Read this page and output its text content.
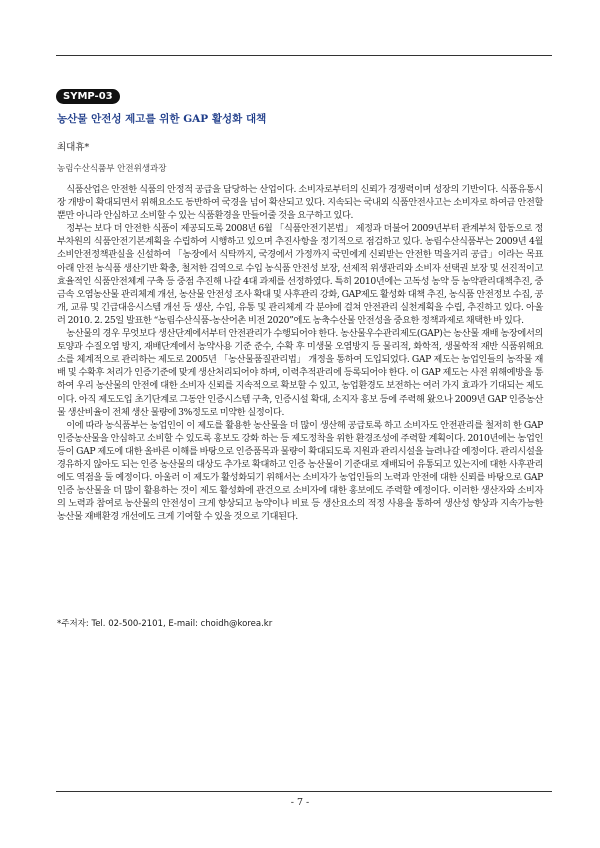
SYMP-03
농산물 안전성 제고를 위한 GAP 활성화 대책
최대휴*
농림수산식품부 안전위생과장

식품산업은 안전한 식품의 안정적 공급을 담당하는 산업이다. 소비자로부터의 신뢰가 경쟁력이며 성장의 기반이다. 식품유통시장 개방이 확대되면서 위해요소도 동반하여 국경을 넘어 확산되고 있다. 지속되는 국내외 식품안전사고는 소비자로 하여금 안전할 뿐만 아니라 안심하고 소비할 수 있는 식품환경을 만들어줄 것을 요구하고 있다.

정부는 보다 더 안전한 식품이 제공되도록 2008년 6월 「식품안전기본법」 제정과 더불어 2009년부터 관계부처 합동으로 정부차원의 식품안전기본계획을 수립하여 시행하고 있으며 추진사항을 정기적으로 점검하고 있다. 농림수산식품부는 2009년 4월 소비안전정책관실을 신설하여 「농장에서 식탁까지, 국경에서 가정까지 국민에게 신뢰받는 안전한 먹을거리 공급」이라는 목표아래 안전 농식품 생산기반 확충, 철저한 검역으로 수입 농식품 안전성 보장, 선제적 위생관리와 소비자 선택권 보장 및 선진적이고 효율적인 식품안전체계 구축 등 중점 추진해 나갈 4대 과제를 선정하였다. 특히 2010년에는 고독성 농약 등 농약관리대책추진, 중금속 오염농산물 관리체계 개선, 농산물 안전성 조사 확대 및 사후관리 강화, GAP제도 활성화 대책 추진, 농식품 안전정보 수집, 공개, 교류 및 긴급대응시스템 개선 등 생산, 수입, 유통 및 관리체계 각 분야에 걸쳐 안전관리 실천계획을 수립, 추진하고 있다. 아울러 2010. 2. 25일 발표한 “농림수산식품-농산어촌 비전 2020”에도 농축수산물 안전성을 중요한 정책과제로 채택한 바 있다.

농산물의 경우 무엇보다 생산단계에서부터 안전관리가 수행되어야 한다. 농산물우수관리제도(GAP)는 농산물 재배 농장에서의 토양과 수질오염 방지, 재배단계에서 농약사용 기준 준수, 수확 후 미생물 오염방지 등 물리적, 화학적, 생물학적 재반 식품위해요소를 체계적으로 관리하는 제도로 2005년 「농산물품질관리법」 개정을 통하여 도입되었다. GAP 제도는 농업인들의 농작물 재배 및 수확후 처리가 인증기준에 맞게 생산처리되어야 하며, 이력추적관리에 등록되어야 한다. 이 GAP 제도는 사전 위해예방을 통하여 우리 농산물의 안전에 대한 소비자 신뢰를 지속적으로 확보할 수 있고, 농업환경도 보전하는 여러 가지 효과가 기대되는 제도이다. 아직 제도도입 초기단계로 그동안 인증시스템 구축, 인증시설 확대, 소지자 홍보 등에 주력해 왔으나 2009년 GAP 인증농산물 생산비율이 전체 생산 물량에 3%정도로 미약한 실정이다.

이에 따라 농식품부는 농업인이 이 제도를 활용한 농산물을 더 많이 생산해 공급토록 하고 소비자도 안전관리를 철저히 한 GAP 인증농산물을 안심하고 소비할 수 있도록 홍보도 강화 하는 등 제도정착을 위한 환경조성에 주력할 계획이다. 2010년에는 농업인 등이 GAP 제도에 대한 올바른 이해를 바탕으로 인증품목과 물량이 확대되도록 지원과 관리시설을 늘려나갈 예정이다. 관리시설을 경유하지 않아도 되는 인증 농산물의 대상도 추가로 확대하고 인증 농산물이 기준대로 재배되어 유통되고 있는지에 대한 사후관리에도 역점을 둘 예정이다. 아울러 이 제도가 활성화되기 위해서는 소비자가 농업인들의 노력과 안전에 대한 신뢰를 바탕으로 GAP인증 농산물을 더 많이 활용하는 것이 제도 활성화에 관건으로 소비자에 대한 홍보에도 주력할 예정이다. 이러한 생산자와 소비자의 노력과 참여로 농산물의 안전성이 크게 향상되고 농약이나 비료 등 생산요소의 적정 사용을 통하여 생산성 향상과 지속가능한 농산물 재배환경 개선에도 크게 기여할 수 있을 것으로 기대된다.

*주저자: Tel. 02-500-2101, E-mail: choidh@korea.kr
- 7 -
